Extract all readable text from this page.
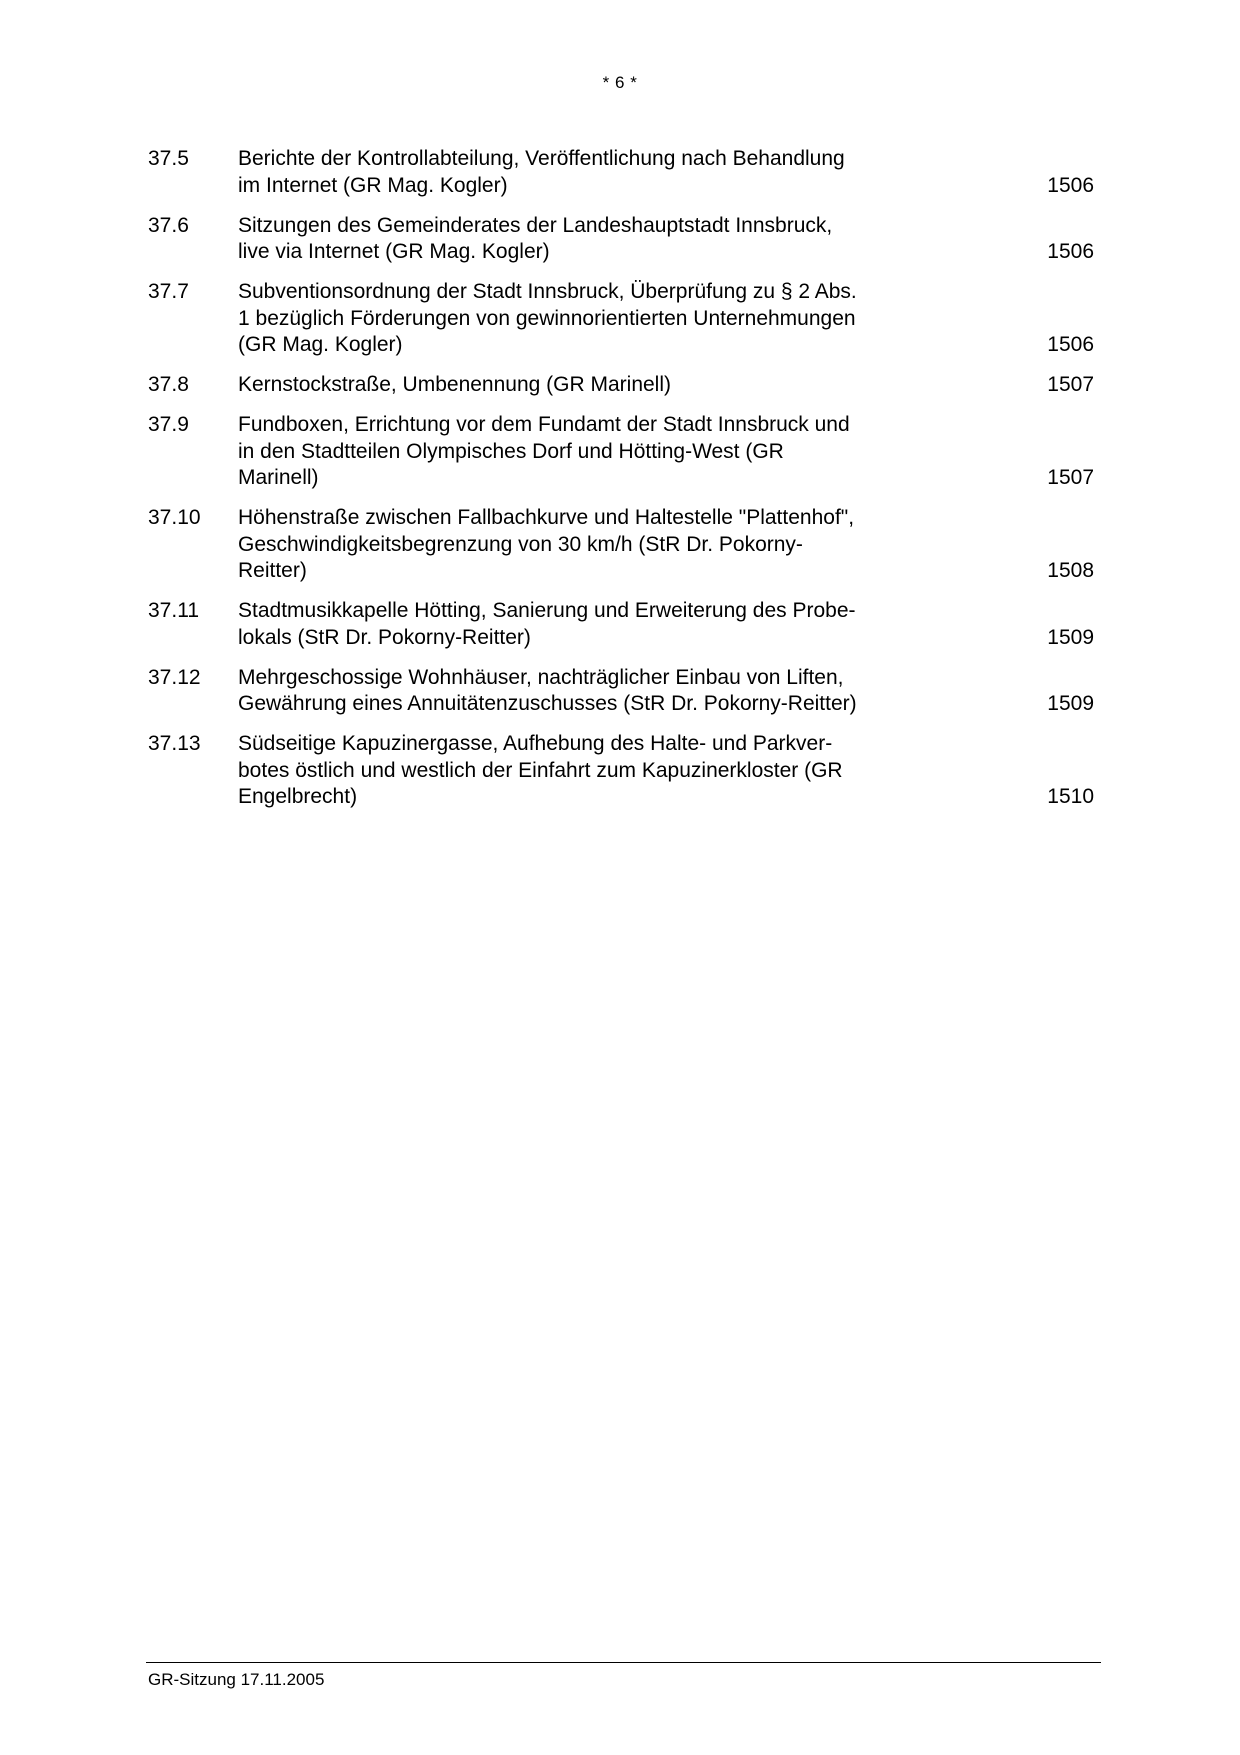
* 6 *
37.5	Berichte der Kontrollabteilung, Veröffentlichung nach Behandlung
im Internet (GR Mag. Kogler)	1506
37.6	Sitzungen des Gemeinderates der Landeshauptstadt Innsbruck,
live via Internet (GR Mag. Kogler)	1506
37.7	Subventionsordnung der Stadt Innsbruck, Überprüfung zu § 2 Abs.
1 bezüglich Förderungen von gewinnorientierten Unternehmungen
(GR Mag. Kogler)	1506
37.8	Kernstockstraße, Umbenennung (GR Marinell)	1507
37.9	Fundboxen, Errichtung vor dem Fundamt der Stadt Innsbruck und
in den Stadtteilen Olympisches Dorf und Hötting-West (GR
Marinell)	1507
37.10	Höhenstraße zwischen Fallbachkurve und Haltestelle "Plattenhof",
Geschwindigkeitsbegrenzung von 30 km/h (StR Dr. Pokorny-
Reitter)	1508
37.11	Stadtmusikkapelle Hötting, Sanierung und Erweiterung des Probe-
lokals (StR Dr. Pokorny-Reitter)	1509
37.12	Mehrgeschossige Wohnhäuser, nachträglicher Einbau von Liften,
Gewährung eines Annuitätenzuschusses (StR Dr. Pokorny-Reitter)	1509
37.13	Südseitige Kapuzinergasse, Aufhebung des Halte- und Parkver-
botes östlich und westlich der Einfahrt zum Kapuzinerkloster (GR
Engelbrecht)	1510
GR-Sitzung 17.11.2005
